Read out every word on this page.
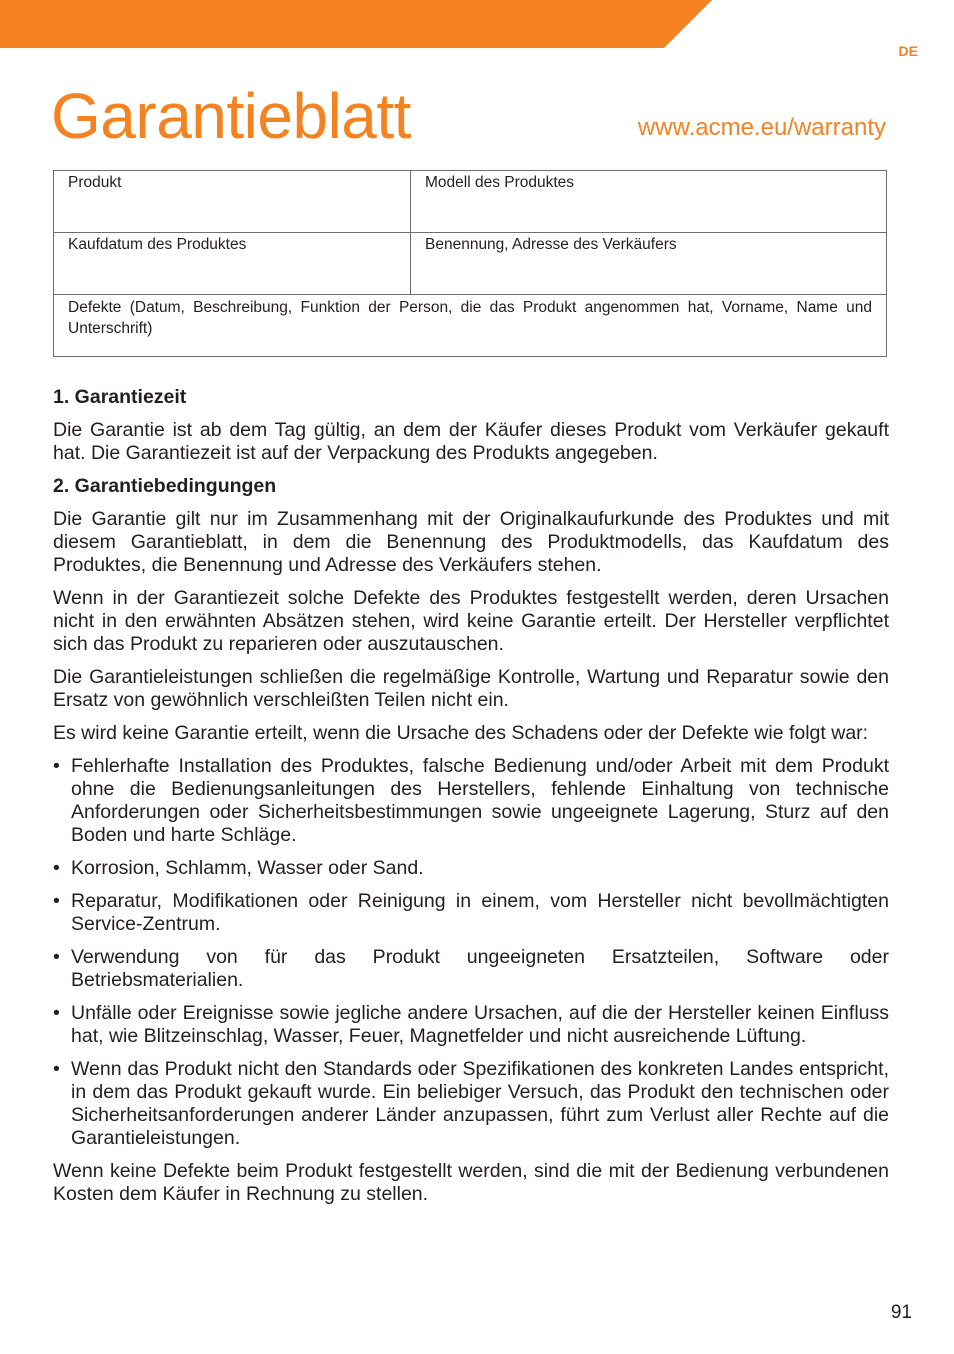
DE
Garantieblatt	www.acme.eu/warranty
Produkt	Modell des Produktes
Kaufdatum des Produktes	Benennung, Adresse des Verkäufers
Defekte (Datum, Beschreibung, Funktion der Person, die das Produkt angenommen hat, Vorname, Name und Unterschrift)	
1. Garantiezeit

Die Garantie ist ab dem Tag gültig, an dem der Käufer dieses Produkt vom Verkäufer gekauft hat. Die Garantiezeit ist auf der Verpackung des Produkts angegeben.

2. Garantiebedingungen

Die Garantie gilt nur im Zusammenhang mit der Originalkaufurkunde des Produktes und mit diesem Garantieblatt, in dem die Benennung des Produktmodells, das Kaufdatum des Produktes, die Benennung und Adresse des Verkäufers stehen.

Wenn in der Garantiezeit solche Defekte des Produktes festgestellt werden, deren Ursachen nicht in den erwähnten Absätzen stehen, wird keine Garantie erteilt. Der Hersteller verpflichtet sich das Produkt zu reparieren oder auszutauschen.

Die Garantieleistungen schließen die regelmäßige Kontrolle, Wartung und Reparatur sowie den Ersatz von gewöhnlich verschleißten Teilen nicht ein.

Es wird keine Garantie erteilt, wenn die Ursache des Schadens oder der Defekte wie folgt war:

• Fehlerhafte Installation des Produktes, falsche Bedienung und/oder Arbeit mit dem Produkt ohne die Bedienungsanleitungen des Herstellers, fehlende Einhaltung von technische Anforderungen oder Sicherheitsbestimmungen sowie ungeeignete Lagerung, Sturz auf den Boden und harte Schläge.
• Korrosion, Schlamm, Wasser oder Sand.
• Reparatur, Modifikationen oder Reinigung in einem, vom Hersteller nicht bevollmächtigten Service-Zentrum.
• Verwendung von für das Produkt ungeeigneten Ersatzteilen, Software oder Betriebsmaterialien.
• Unfälle oder Ereignisse sowie jegliche andere Ursachen, auf die der Hersteller keinen Einfluss hat, wie Blitzeinschlag, Wasser, Feuer, Magnetfelder und nicht ausreichende Lüftung.
• Wenn das Produkt nicht den Standards oder Spezifikationen des konkreten Landes entspricht, in dem das Produkt gekauft wurde. Ein beliebiger Versuch, das Produkt den technischen oder Sicherheitsanforderungen anderer Länder anzupassen, führt zum Verlust aller Rechte auf die Garantieleistungen.

Wenn keine Defekte beim Produkt festgestellt werden, sind die mit der Bedienung verbundenen Kosten dem Käufer in Rechnung zu stellen.

91
